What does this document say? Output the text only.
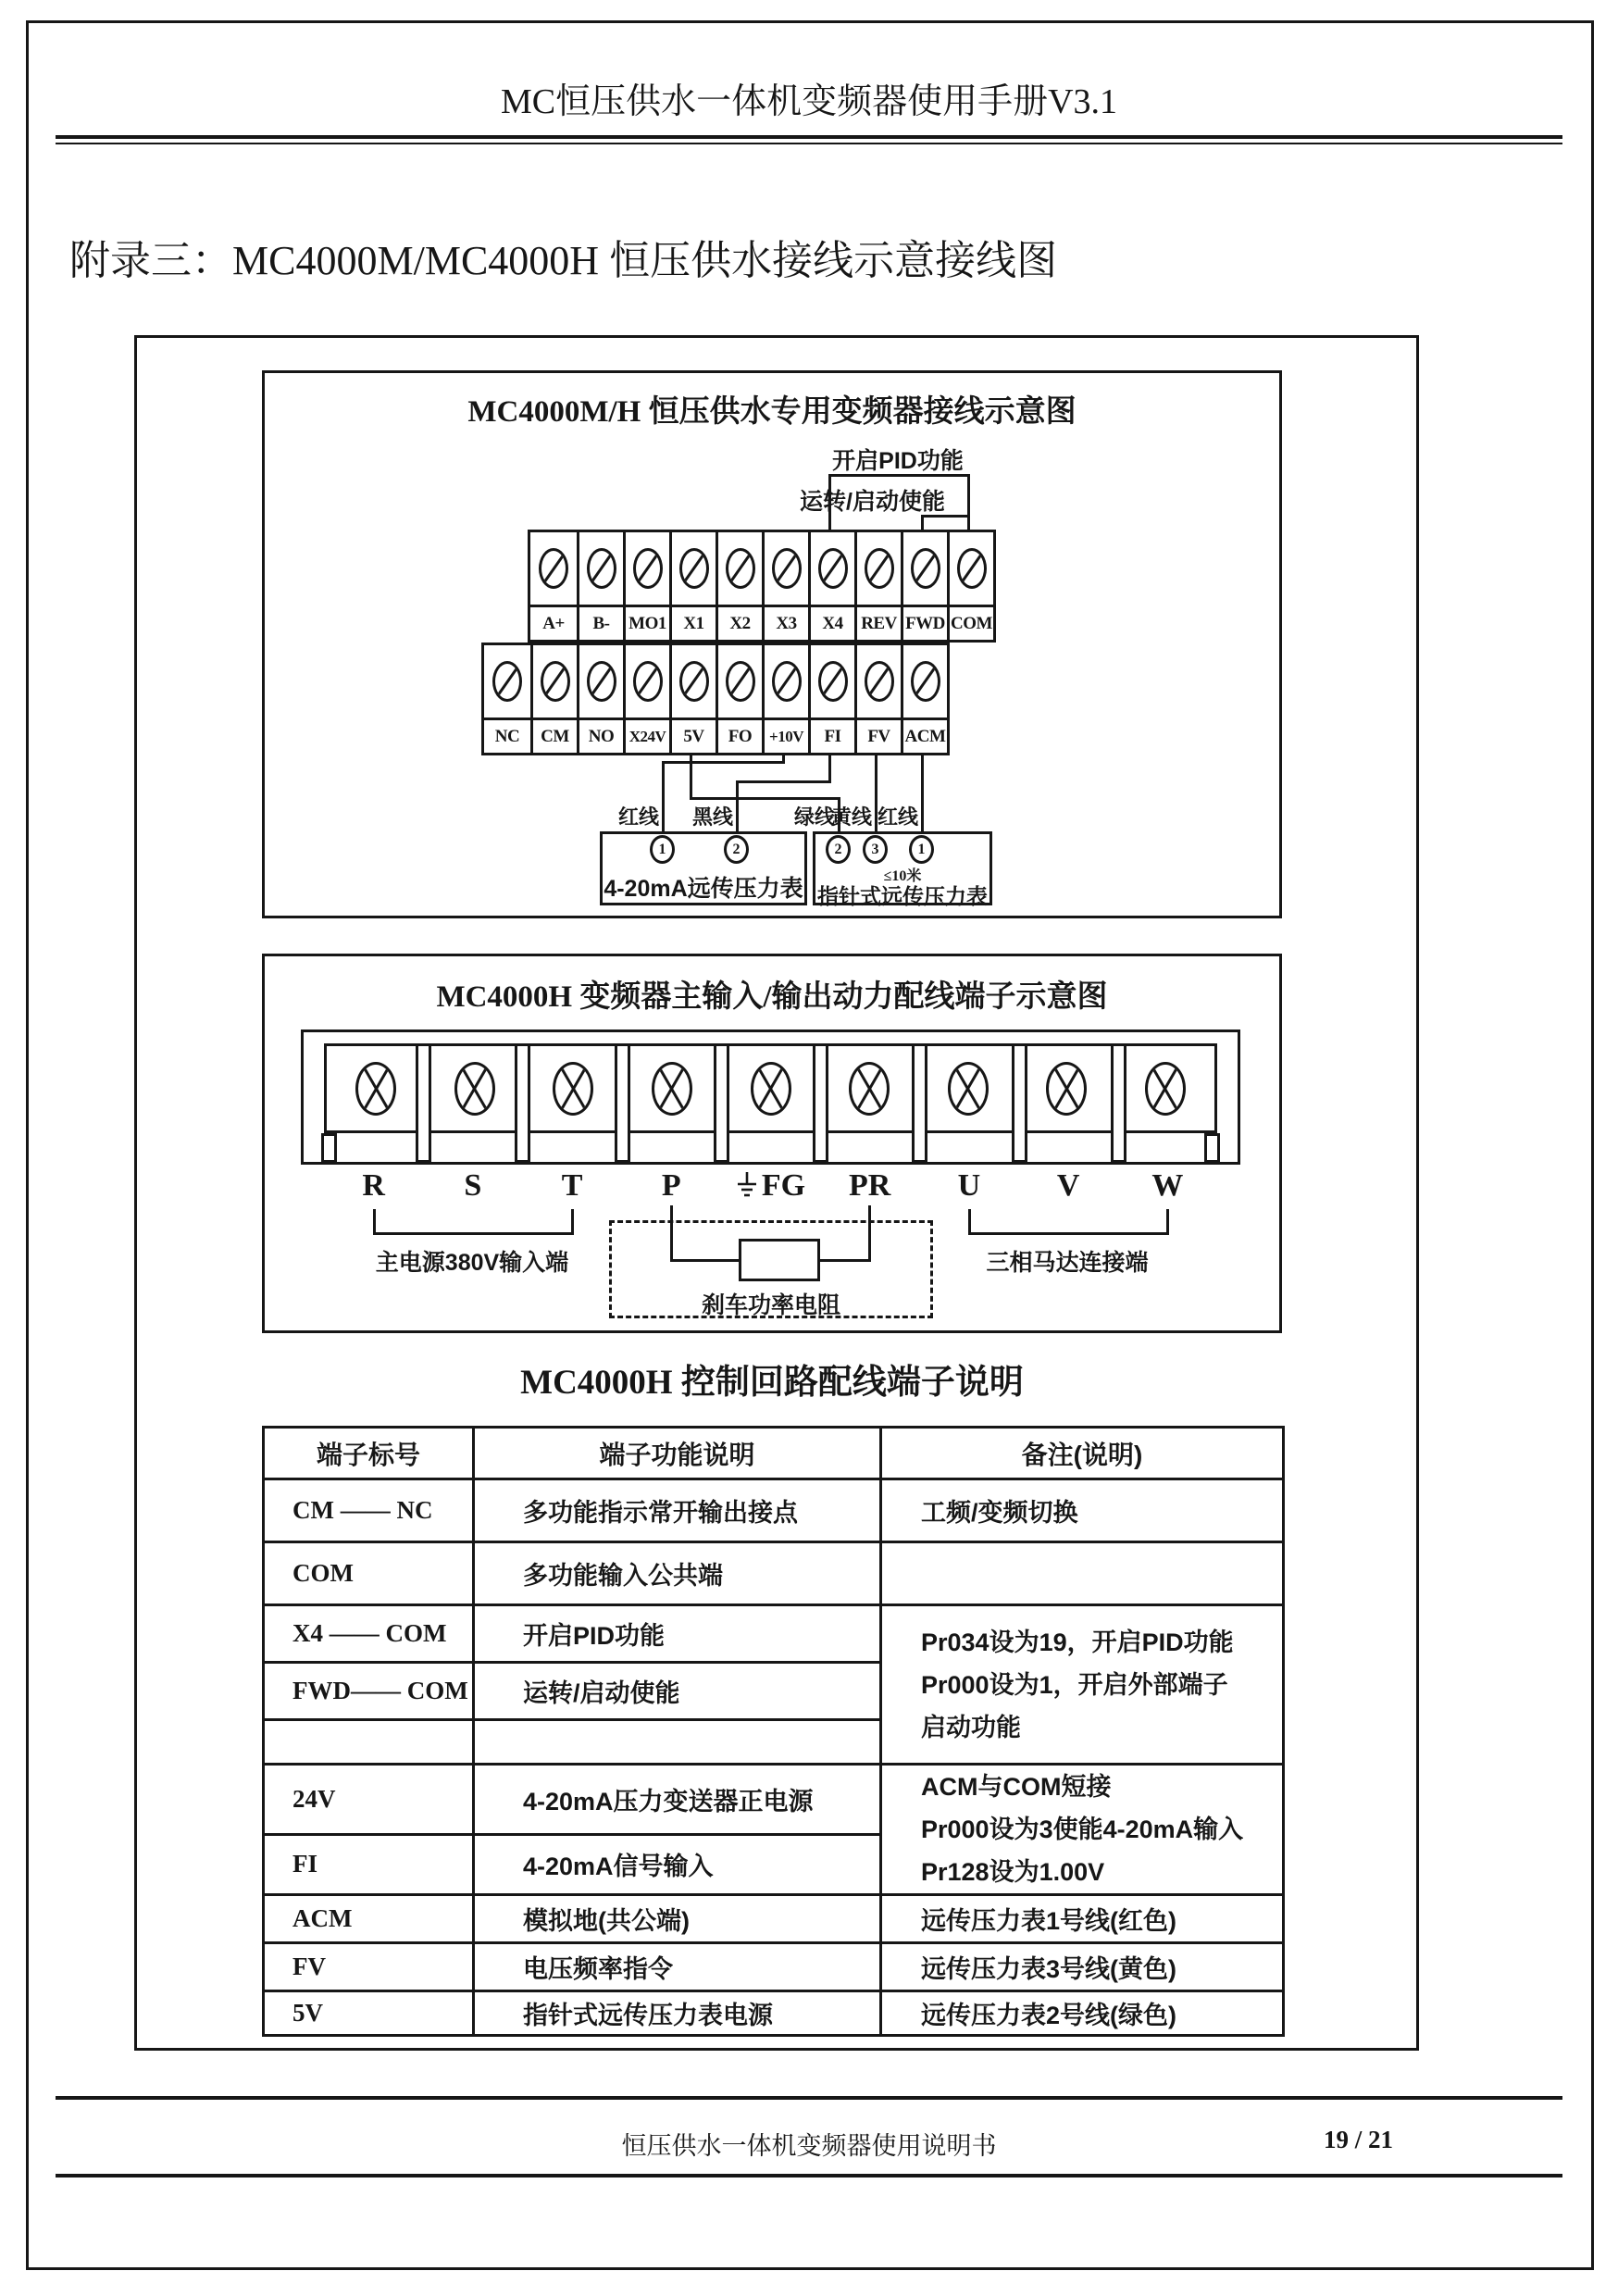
MC恒压供水一体机变频器使用手册V3.1
附录三：MC4000M/MC4000H 恒压供水接线示意接线图
MC4000M/H 恒压供水专用变频器接线示意图
开启PID功能
运转/启动使能
A+	B-	MO1 X1	X2	X3	X4	REV FWD COM
NC	CM	NO X24V	5V	FO	+10V	FI	FV ACM
红线	黑线	绿线
黄线 红线
1	2
4-20mA远传压力表
2 3	1
≤10米
指针式远传压力表
MC4000H 变频器主输入/输出动力配线端子示意图
R	S	T	P	FG	PR	U	V	W
主电源380V输入端	三相马达连接端
刹车功率电阻
MC4000H 控制回路配线端子说明
端子标号	端子功能说明	备注(说明)
CM —— NC	多功能指示常开输出接点	工频/变频切换
COM	多功能输入公共端	
X4 —— COM	开启PID功能	Pr034设为19，开启PID功能
Pr000设为1，开启外部端子
启动功能

FWD—— COM	运转/启动使能	

24V	4-20mA压力变送器正电源	ACM与COM短接
Pr000设为3使能4-20mA输入
Pr128设为1.00V

FI	4-20mA信号输入	
ACM	模拟地(共公端)	远传压力表1号线(红色)
FV	电压频率指令	远传压力表3号线(黄色)
5V	指针式远传压力表电源	远传压力表2号线(绿色)
恒压供水一体机变频器使用说明书	19 / 21
